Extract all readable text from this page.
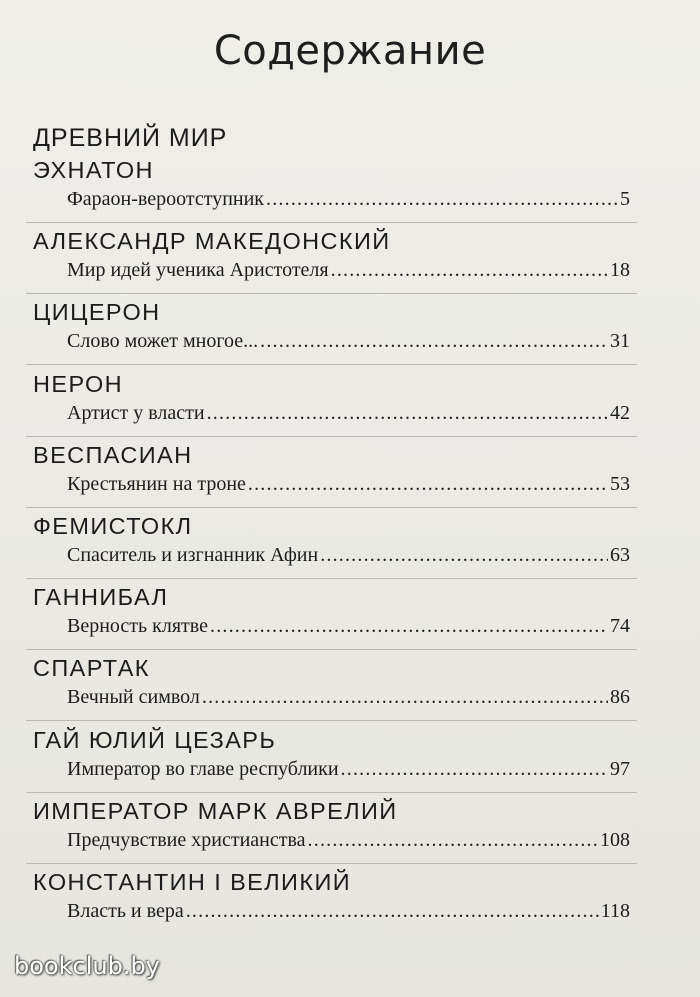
Содержание
ДРЕВНИЙ МИР
ЭХНАТОН
Фараон-вероотступник .....	5
АЛЕКСАНДР МАКЕДОНСКИЙ
Мир идей ученика Аристотеля .....	18
ЦИЦЕРОН
Слово может многое... .....	31
НЕРОН
Артист у власти .....	42
ВЕСПАСИАН
Крестьянин на троне .....	53
ФЕМИСТОКЛ
Спаситель и изгнанник Афин .....	63
ГАННИБАЛ
Верность клятве .....	74
СПАРТАК
Вечный символ .....	86
ГАЙ ЮЛИЙ ЦЕЗАРЬ
Император во главе республики .....	97
ИМПЕРАТОР МАРК АВРЕЛИЙ
Предчувствие христианства .....	108
КОНСТАНТИН I ВЕЛИКИЙ
Власть и вера .....	118
bookclub.by
